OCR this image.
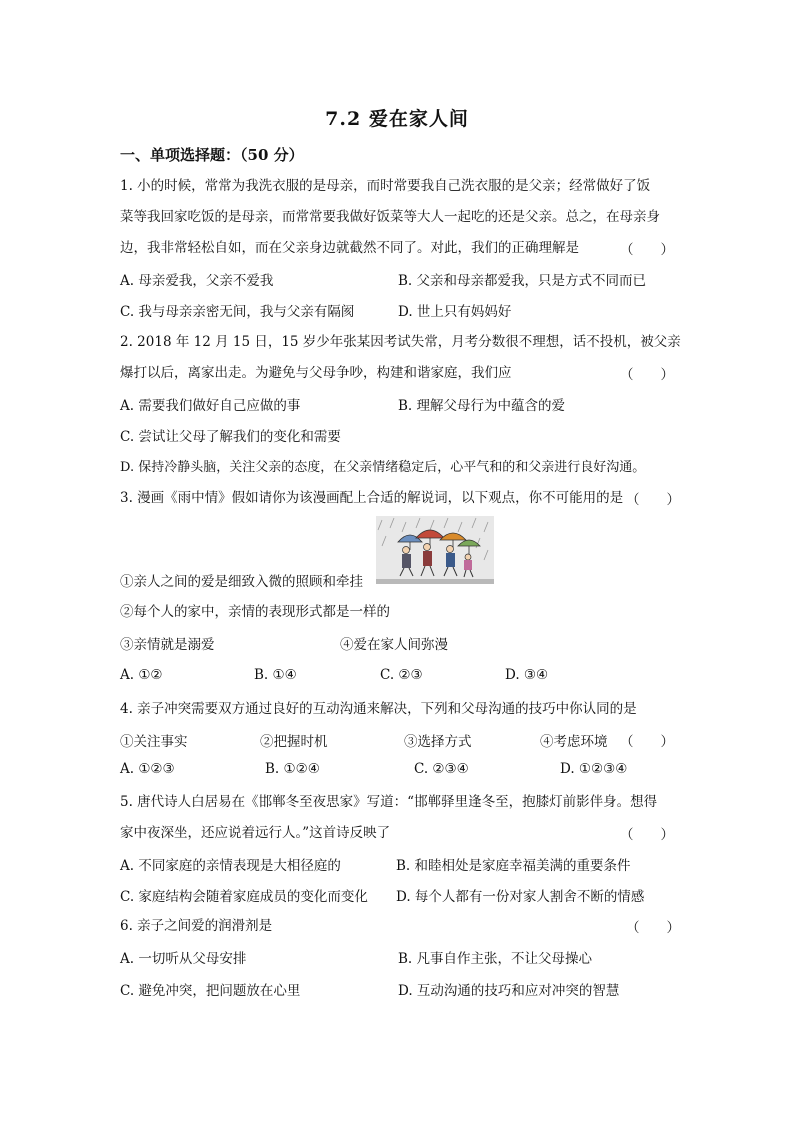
7.2 爱在家人间
一、单项选择题：（50 分）
1. 小的时候，常常为我洗衣服的是母亲，而时常要我自己洗衣服的是父亲；经常做好了饭
菜等我回家吃饭的是母亲，而常常要我做好饭菜等大人一起吃的还是父亲。总之，在母亲身
边，我非常轻松自如，而在父亲身边就截然不同了。对此，我们的正确理解是	（　　）
A. 母亲爱我，父亲不爱我	B. 父亲和母亲都爱我，只是方式不同而已
C. 我与母亲亲密无间，我与父亲有隔阂	D. 世上只有妈妈好
2. 2018 年 12 月 15 日，15 岁少年张某因考试失常，月考分数很不理想，话不投机，被父亲
爆打以后，离家出走。为避免与父母争吵，构建和谐家庭，我们应	（　　）
A. 需要我们做好自己应做的事	B. 理解父母行为中蕴含的爱
C. 尝试让父母了解我们的变化和需要
D. 保持冷静头脑，关注父亲的态度，在父亲情绪稳定后，心平气和的和父亲进行良好沟通。
3. 漫画《雨中情》假如请你为该漫画配上合适的解说词，以下观点，你不可能用的是 （　　）
①亲人之间的爱是细致入微的照顾和牵挂
②每个人的家中，亲情的表现形式都是一样的
③亲情就是溺爱	④爱在家人间弥漫
A. ①②	B. ①④	C. ②③	D. ③④
4. 亲子冲突需要双方通过良好的互动沟通来解决，下列和父母沟通的技巧中你认同的是
①关注事实	②把握时机	③选择方式	④考虑环境 （　　）
A. ①②③	B. ①②④	C. ②③④	D. ①②③④
5. 唐代诗人白居易在《邯郸冬至夜思家》写道：“邯郸驿里逢冬至，抱膝灯前影伴身。想得
家中夜深坐，还应说着远行人。”这首诗反映了	（　　）
A. 不同家庭的亲情表现是大相径庭的	B. 和睦相处是家庭幸福美满的重要条件
C. 家庭结构会随着家庭成员的变化而变化 D. 每个人都有一份对家人割舍不断的情感
6. 亲子之间爱的润滑剂是	（　　）
A. 一切听从父母安排	B. 凡事自作主张，不让父母操心
C. 避免冲突，把问题放在心里	D. 互动沟通的技巧和应对冲突的智慧
